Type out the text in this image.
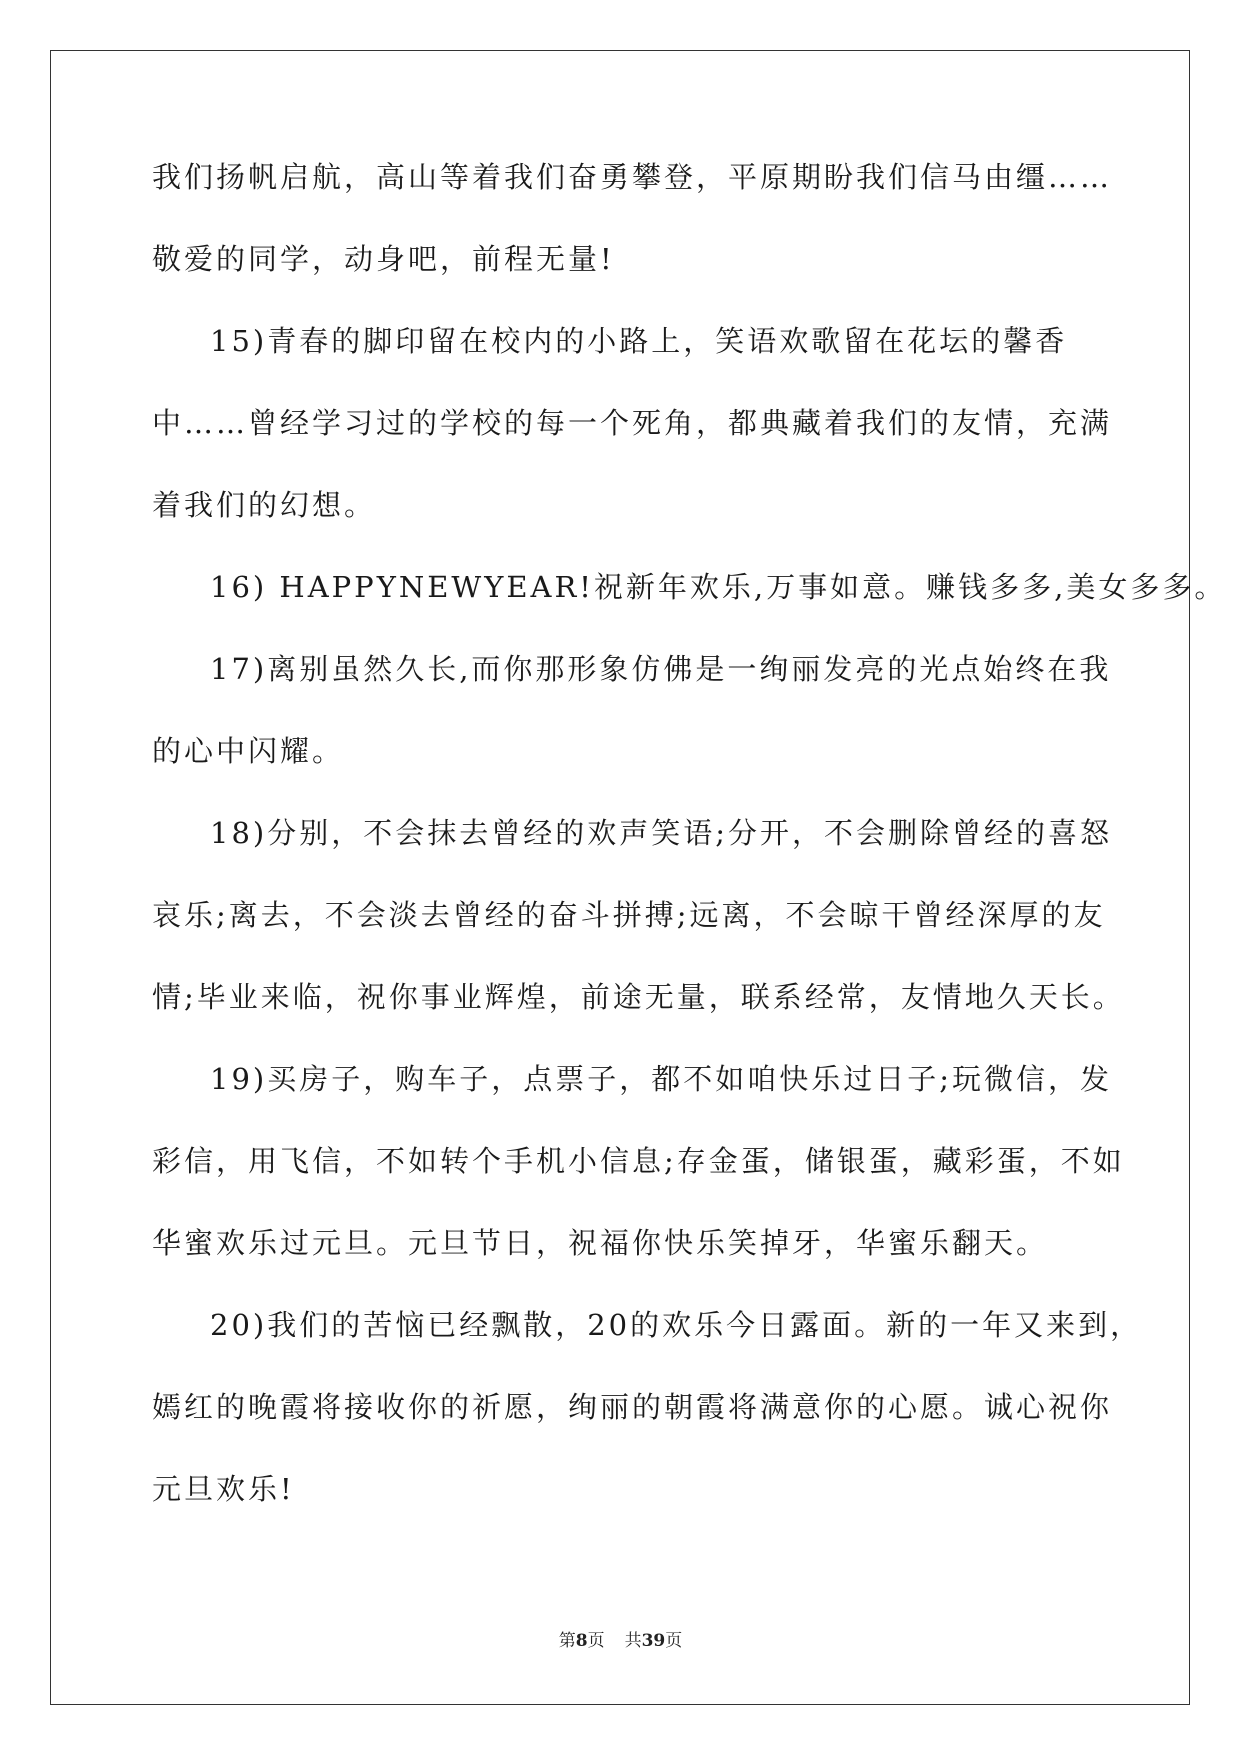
我们扬帆启航，高山等着我们奋勇攀登，平原期盼我们信马由缰……
敬爱的同学，动身吧，前程无量!
15)青春的脚印留在校内的小路上，笑语欢歌留在花坛的馨香
中……曾经学习过的学校的每一个死角，都典藏着我们的友情，充满
着我们的幻想。
16) HAPPYNEWYEAR!祝新年欢乐,万事如意。赚钱多多,美女多多。
17)离别虽然久长,而你那形象仿佛是一绚丽发亮的光点始终在我
的心中闪耀。
18)分别，不会抹去曾经的欢声笑语;分开，不会删除曾经的喜怒
哀乐;离去，不会淡去曾经的奋斗拼搏;远离，不会晾干曾经深厚的友
情;毕业来临，祝你事业辉煌，前途无量，联系经常，友情地久天长。
19)买房子，购车子，点票子，都不如咱快乐过日子;玩微信，发
彩信，用飞信，不如转个手机小信息;存金蛋，储银蛋，藏彩蛋，不如
华蜜欢乐过元旦。元旦节日，祝福你快乐笑掉牙，华蜜乐翻天。
20)我们的苦恼已经飘散，20的欢乐今日露面。新的一年又来到，
嫣红的晚霞将接收你的祈愿，绚丽的朝霞将满意你的心愿。诚心祝你
元旦欢乐!
第8页 共39页
